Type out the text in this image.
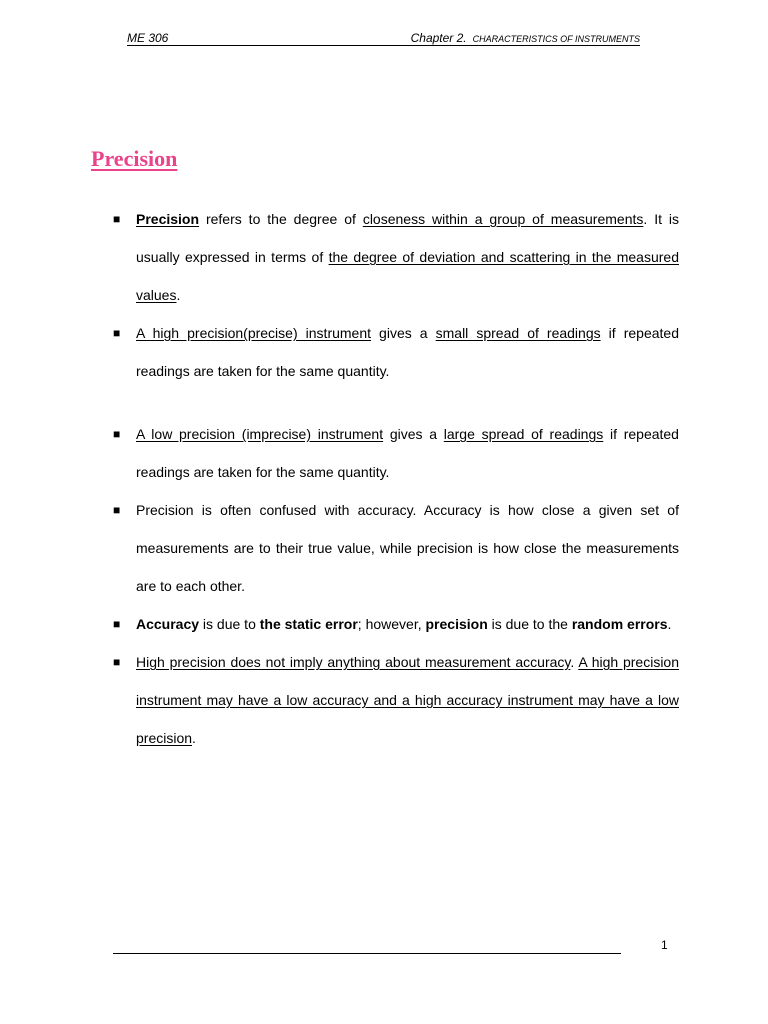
ME 306	Chapter 2. CHARACTERISTICS OF INSTRUMENTS
Precision
■ Precision refers to the degree of closeness within a group of measurements. It is usually expressed in terms of the degree of deviation and scattering in the measured values.
■ A high precision(precise) instrument gives a small spread of readings if repeated readings are taken for the same quantity.
■ A low precision (imprecise) instrument gives a large spread of readings if repeated readings are taken for the same quantity.
■ Precision is often confused with accuracy. Accuracy is how close a given set of measurements are to their true value, while precision is how close the measurements are to each other.
■ Accuracy is due to the static error; however, precision is due to the random errors.
■ High precision does not imply anything about measurement accuracy. A high precision instrument may have a low accuracy and a high accuracy instrument may have a low precision.
1
